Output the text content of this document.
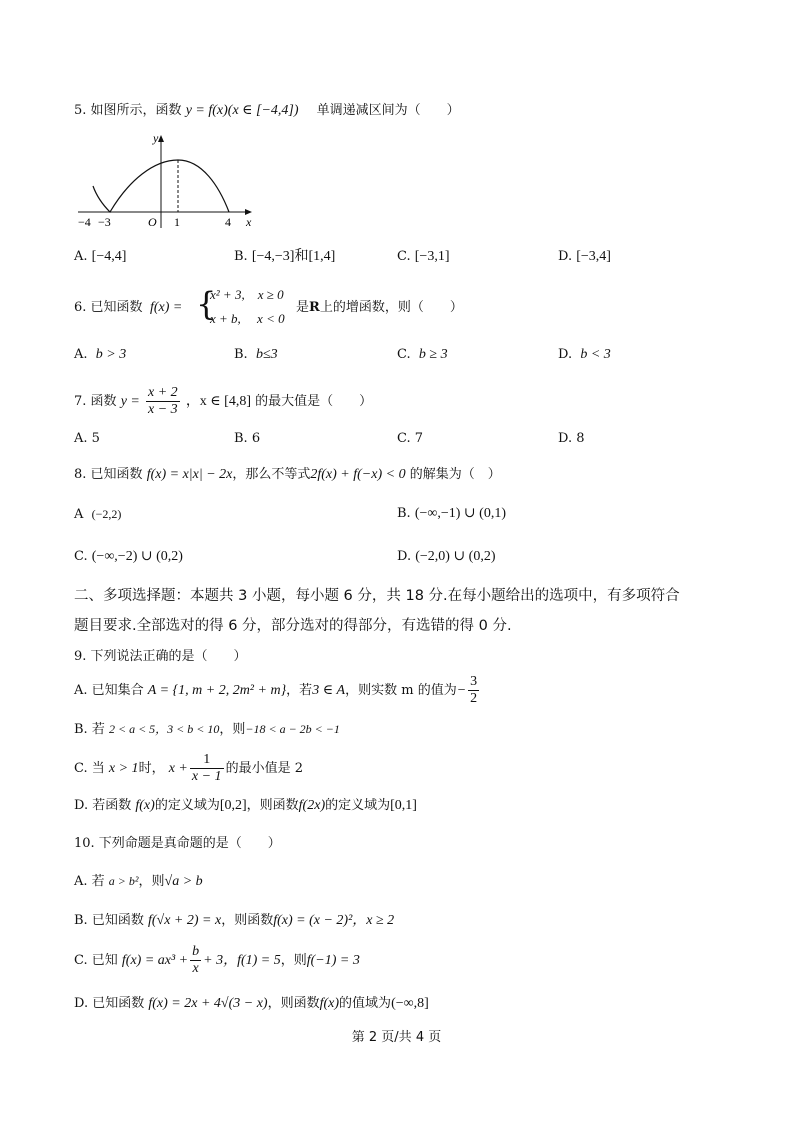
5. 如图所示，函数 y = f(x)(x ∈ [−4,4]) 单调递减区间为（　　）
y
x
O
−4 −3	1	4
A. [−4,4]	B. [−4,−3]和[1,4]	C. [−3,1]	D. [−3,4]
6. 已知函数 f(x) = {
x² + 3,　x ≥ 0
x + b,　 x < 0
是R上的增函数，则（　　）
A. b > 3	B. b≤3	C. b ≥ 3	D. b < 3
7. 函数 $y = \frac{x + 2}{x - 3}$ ，x ∈ [4,8] 的最大值是（　　）
A. 5	B. 6	C. 7	D. 8
8. 已知函数 f(x) = x|x| − 2x，那么不等式2f(x) + f(−x) < 0 的解集为（　）
A (−2,2)	B. (−∞,−1) ∪ (0,1)
C. (−∞,−2) ∪ (0,2)	D. (−2,0) ∪ (0,2)
二、多项选择题：本题共 3 小题，每小题 6 分，共 18 分.在每小题给出的选项中，有多项符合
题目要求.全部选对的得 6 分，部分选对的得部分，有选错的得 0 分.
9. 下列说法正确的是（　　）
A. 已知集合 A = {1, m + 2, 2m² + m}，若3 ∈ A，则实数 m 的值为− $\frac{3}{2}$
B. 若 2 < a < 5，3 < b < 10，则−18 < a − 2b < −1
C. 当 x > 1时， $x + \frac{1}{x - 1}$ 的最小值是 2
D. 若函数 f(x)的定义域为[0,2]，则函数f(2x)的定义域为[0,1]
10. 下列命题是真命题的是（　　）
A. 若 a > b²，则√a > b
B. 已知函数 f(√x + 2) = x，则函数f(x) = (x − 2)²，x ≥ 2
C. 已知 $f(x) = ax^3 + \frac{b}{x} + 3$，f(1) = 5，则f(−1) = 3
D. 已知函数 f(x) = 2x + 4√(3 − x)，则函数f(x)的值域为(−∞,8]
第 2 页/共 4 页
